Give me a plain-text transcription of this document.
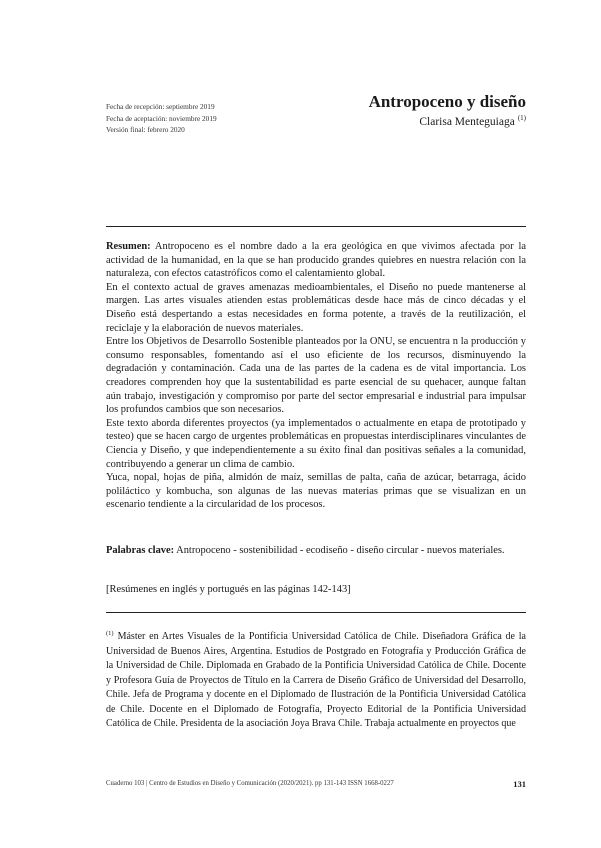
Fecha de recepción: septiembre 2019
Fecha de aceptación: noviembre 2019
Versión final: febrero 2020
Antropoceno y diseño
Clarisa Menteguiaga $^{(1)}$

Resumen: Antropoceno es el nombre dado a la era geológica en que vivimos afectada por la actividad de la humanidad, en la que se han producido grandes quiebres en nuestra relación con la naturaleza, con efectos catastróficos como el calentamiento global.

En el contexto actual de graves amenazas medioambientales, el Diseño no puede mantenerse al margen. Las artes visuales atienden estas problemáticas desde hace más de cinco décadas y el Diseño está despertando a estas necesidades en forma potente, a través de la reutilización, el reciclaje y la elaboración de nuevos materiales.

Entre los Objetivos de Desarrollo Sostenible planteados por la ONU, se encuentra n la producción y consumo responsables, fomentando así el uso eficiente de los recursos, disminuyendo la degradación y contaminación. Cada una de las partes de la cadena es de vital importancia. Los creadores comprenden hoy que la sustentabilidad es parte esencial de su quehacer, aunque faltan aún trabajo, investigación y compromiso por parte del sector empresarial e industrial para impulsar los profundos cambios que son necesarios.

Este texto aborda diferentes proyectos (ya implementados o actualmente en etapa de prototipado y testeo) que se hacen cargo de urgentes problemáticas en propuestas interdisciplinares vinculantes de Ciencia y Diseño, y que independientemente a su éxito final dan positivas señales a la comunidad, contribuyendo a generar un clima de cambio.

Yuca, nopal, hojas de piña, almidón de maíz, semillas de palta, caña de azúcar, betarraga, ácido poliláctico y kombucha, son algunas de las nuevas materias primas que se visualizan en un escenario tendiente a la circularidad de los procesos.

Palabras clave: Antropoceno - sostenibilidad - ecodiseño - diseño circular - nuevos materiales.

[Resúmenes en inglés y portugués en las páginas 142-143]

$^{(1)}$ Máster en Artes Visuales de la Pontificia Universidad Católica de Chile. Diseñadora Gráfica de la Universidad de Buenos Aires, Argentina. Estudios de Postgrado en Fotografía y Producción Gráfica de la Universidad de Chile. Diplomada en Grabado de la Pontificia Universidad Católica de Chile. Docente y Profesora Guía de Proyectos de Título en la Carrera de Diseño Gráfico de Universidad del Desarrollo, Chile. Jefa de Programa y docente en el Diplomado de Ilustración de la Pontificia Universidad Católica de Chile. Docente en el Diplomado de Fotografía, Proyecto Editorial de la Pontificia Universidad Católica de Chile. Presidenta de la asociación Joya Brava Chile. Trabaja actualmente en proyectos que

Cuaderno 103 | Centro de Estudios en Diseño y Comunicación (2020/2021). pp 131-143 ISSN 1668-0227	131
